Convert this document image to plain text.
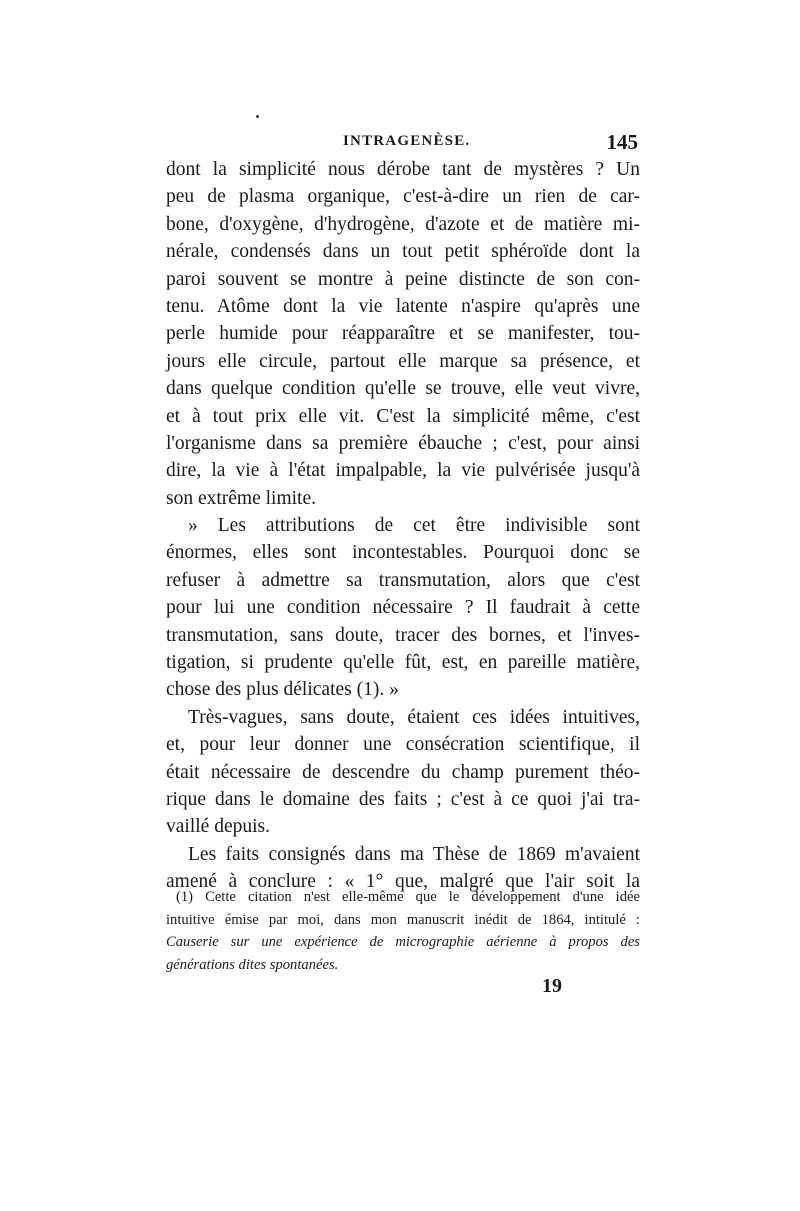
INTRAGENÈSE.	145
dont la simplicité nous dérobe tant de mystères ? Un
peu de plasma organique, c'est-à-dire un rien de car-
bone, d'oxygène, d'hydrogène, d'azote et de matière mi-
nérale, condensés dans un tout petit sphéroïde dont la
paroi souvent se montre à peine distincte de son con-
tenu. Atôme dont la vie latente n'aspire qu'après une
perle humide pour réapparaître et se manifester, tou-
jours elle circule, partout elle marque sa présence, et
dans quelque condition qu'elle se trouve, elle veut vivre,
et à tout prix elle vit. C'est la simplicité même, c'est
l'organisme dans sa première ébauche ; c'est, pour ainsi
dire, la vie à l'état impalpable, la vie pulvérisée jusqu'à
son extrême limite.
» Les attributions de cet être indivisible sont
énormes, elles sont incontestables. Pourquoi donc se
refuser à admettre sa transmutation, alors que c'est
pour lui une condition nécessaire ? Il faudrait à cette
transmutation, sans doute, tracer des bornes, et l'inves-
tigation, si prudente qu'elle fût, est, en pareille matière,
chose des plus délicates (1). »
Très-vagues, sans doute, étaient ces idées intuitives,
et, pour leur donner une consécration scientifique, il
était nécessaire de descendre du champ purement théo-
rique dans le domaine des faits ; c'est à ce quoi j'ai tra-
vaillé depuis.
Les faits consignés dans ma Thèse de 1869 m'avaient
amené à conclure : « 1° que, malgré que l'air soit la
(1) Cette citation n'est elle-même que le développement d'une idée
intuitive émise par moi, dans mon manuscrit inédit de 1864, intitulé :
Causerie sur une expérience de micrographie aérienne à propos des
générations dites spontanées.
19
